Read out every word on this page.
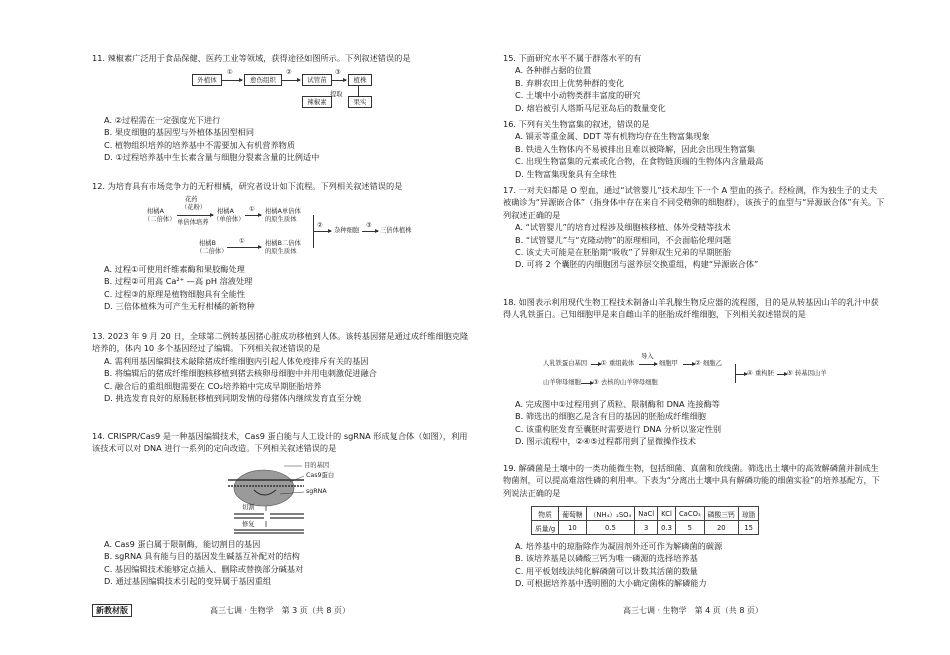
11. 辣椒素广泛用于食品保健、医药工业等领域，获得途径如图所示。下列叙述错误的是
外植体
①
愈伤组织
②
试管苗
③
植株
果实
辣椒素
提取
A. ②过程需在一定强度光下进行
B. 果皮细胞的基因型与外植体基因型相同
C. 植物组织培养的培养基中不需要加入有机营养物质
D. ①过程培养基中生长素含量与细胞分裂素含量的比例适中
12. 为培育具有市场竞争力的无籽柑橘，研究者设计如下流程。下列相关叙述错误的是
柑橘A
（二倍体）
花药
（花粉）
单倍体培养
柑橘A
（单倍体）
① 柑橘A单倍体
的原生质体
柑橘B
（二倍体）
①	柑橘B二倍体
的原生质体
②
杂种细胞
③
三倍体植株
A. 过程①可使用纤维素酶和果胶酶处理
B. 过程②可用高 Ca²⁺ —高 pH 溶液处理
C. 过程③的原理是植物细胞具有全能性
D. 三倍体植株为可产生无籽柑橘的新物种
13. 2023 年 9 月 20 日，全球第二例转基因猪心脏成功移植到人体。该转基因猪是通过成纤维细胞克隆培养的，体内 10 多个基因经过了编辑。下列相关叙述错误的是
A. 需利用基因编辑技术敲除猪成纤维细胞内引起人体免疫排斥有关的基因
B. 将编辑后的猪成纤维细胞核移植到猪去核卵母细胞中并用电刺激促进融合
C. 融合后的重组细胞需要在 CO₂培养箱中完成早期胚胎培养
D. 挑选发育良好的原肠胚移植到同期发情的母猪体内继续发育直至分娩
14. CRISPR/Cas9 是一种基因编辑技术，Cas9 蛋白能与人工设计的 sgRNA 形成复合体（如图），利用该技术可以对 DNA 进行一系列的定向改造。下列相关叙述错误的是
目的基因
Cas9蛋白
sgRNA
切割
修复
A. Cas9 蛋白属于限制酶，能切割目的基因
B. sgRNA 具有能与目的基因发生碱基互补配对的结构
C. 基因编辑技术能够定点插入、删除或替换部分碱基对
D. 通过基因编辑技术引起的变异属于基因重组
新教材版	高三七调 · 生物学　第 3 页（共 8 页）
15. 下面研究水平不属于群落水平的有
A. 各种群占据的位置
B. 弃耕农田上优势种群的变化
C. 土壤中小动物类群丰富度的研究
D. 熔岩被引人塔斯马尼亚岛后的数量变化
16. 下列有关生物富集的叙述，错误的是
A. 镉汞等重金属、DDT 等有机物均存在生物富集现象
B. 铁进入生物体内不易被排出且难以被降解，因此会出现生物富集
C. 出现生物富集的元素或化合物，在食物链顶端的生物体内含量最高
D. 生物富集现象具有全球性
17. 一对夫妇都是 O 型血，通过“试管婴儿”技术却生下一个 A 型血的孩子。经检测，作为独生子的丈夫被确诊为“异源嵌合体”（指身体中存在来自不同受精卵的细胞群），该孩子的血型与“异源嵌合体”有关。下列叙述正确的是
A. “试管婴儿”的培育过程涉及细胞核移植、体外受精等技术
B. “试管婴儿”与“克隆动物”的原理相同，不会面临伦理问题
C. 该丈夫可能是在胚胎期“吸收”了异卵双生兄弟的早期胚胎
D. 可将 2 个囊胚的内细胞团与滋养层交换重组，构建“异源嵌合体”
18. 如图表示利用现代生物工程技术制备山羊乳腺生物反应器的流程图，目的是从转基因山羊的乳汁中获得人乳铁蛋白。已知细胞甲是来自雌山羊的胚胎成纤维细胞，下列相关叙述错误的是
人乳铁蛋白基因 ① 重组载体
导入
细胞甲	② 细胞乙
山羊卵母细胞 ③ 去核的山羊卵母细胞
④ 重构胚 ⑤ 转基因山羊
A. 完成图中①过程用到了质粒、限制酶和 DNA 连接酶等
B. 筛选出的细胞乙是含有目的基因的胚胎成纤维细胞
C. 该重构胚发育至囊胚时需要进行 DNA 分析以鉴定性别
D. 图示流程中，②④⑤过程都用到了显微操作技术
19. 解磷菌是土壤中的一类功能微生物，包括细菌、真菌和放线菌。筛选出土壤中的高效解磷菌并制成生物菌剂，可以提高难溶性磷的利用率。下表为“分离出土壤中具有解磷功能的细菌实验”的培养基配方，下列说法正确的是
物质	葡萄糖	（NH₄）₂SO₄	NaCl	KCl	CaCO₃	磷酸三钙	琼脂
质量/g	10	0.5	3	0.3	5	20	15
A. 培养基中的琼脂除作为凝固剂外还可作为解磷菌的碳源
B. 该培养基是以磷酸三钙为唯一磷源的选择培养基
C. 用平板划线法纯化解磷菌可以计数其活菌的数量
D. 可根据培养基中透明圈的大小确定菌株的解磷能力
高三七调 · 生物学　第 4 页（共 8 页）
